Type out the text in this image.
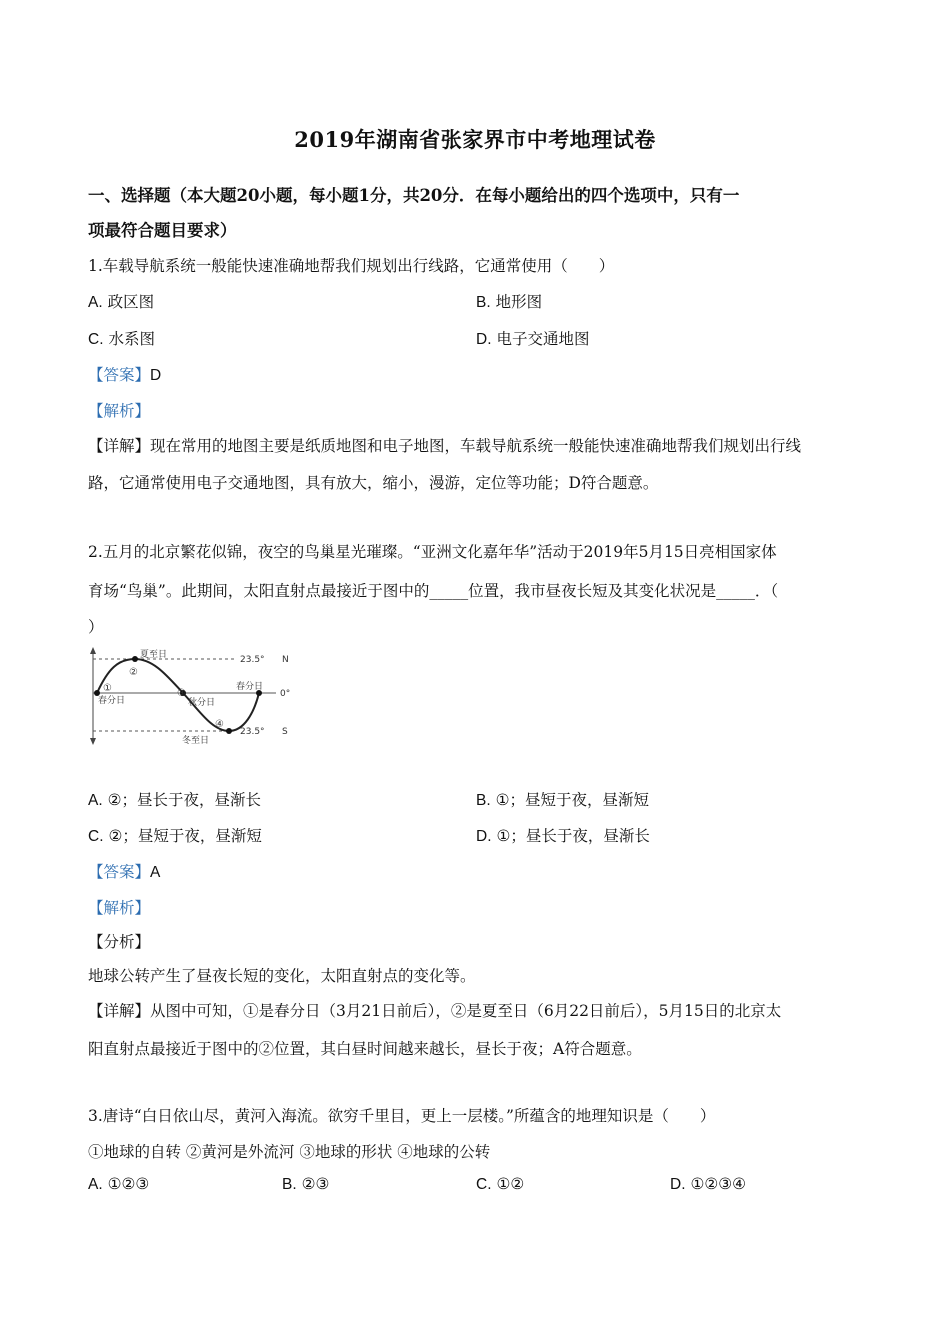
2019年湖南省张家界市中考地理试卷
一、选择题（本大题20小题，每小题1分，共20分．在每小题给出的四个选项中，只有一
项最符合题目要求）
1.车载导航系统一般能快速准确地帮我们规划出行线路，它通常使用（　　）
A. 政区图	B. 地形图
C. 水系图	D. 电子交通地图
【答案】D
【解析】
【详解】现在常用的地图主要是纸质地图和电子地图，车载导航系统一般能快速准确地帮我们规划出行线
路，它通常使用电子交通地图，具有放大，缩小，漫游，定位等功能；D符合题意。
2.五月的北京繁花似锦，夜空的鸟巢星光璀璨。“亚洲文化嘉年华”活动于2019年5月15日亮相国家体
育场“鸟巢”。此期间，太阳直射点最接近于图中的_____位置，我市昼夜长短及其变化状况是_____．（
）
夏至日
春分日	秋分日
冬至日
春分日
23.5° N
0°
23.5° S
①
②
③
④
A. ②；昼长于夜，昼渐长	B. ①；昼短于夜，昼渐短
C. ②；昼短于夜，昼渐短	D. ①；昼长于夜，昼渐长
【答案】A
【解析】
【分析】
地球公转产生了昼夜长短的变化，太阳直射点的变化等。
【详解】从图中可知，①是春分日（3月21日前后），②是夏至日（6月22日前后），5月15日的北京太
阳直射点最接近于图中的②位置，其白昼时间越来越长，昼长于夜；A符合题意。
3.唐诗“白日依山尽，黄河入海流。欲穷千里目，更上一层楼。”所蕴含的地理知识是（　　）
①地球的自转 ②黄河是外流河 ③地球的形状 ④地球的公转
A. ①②③	B. ②③	C. ①②	D. ①②③④
